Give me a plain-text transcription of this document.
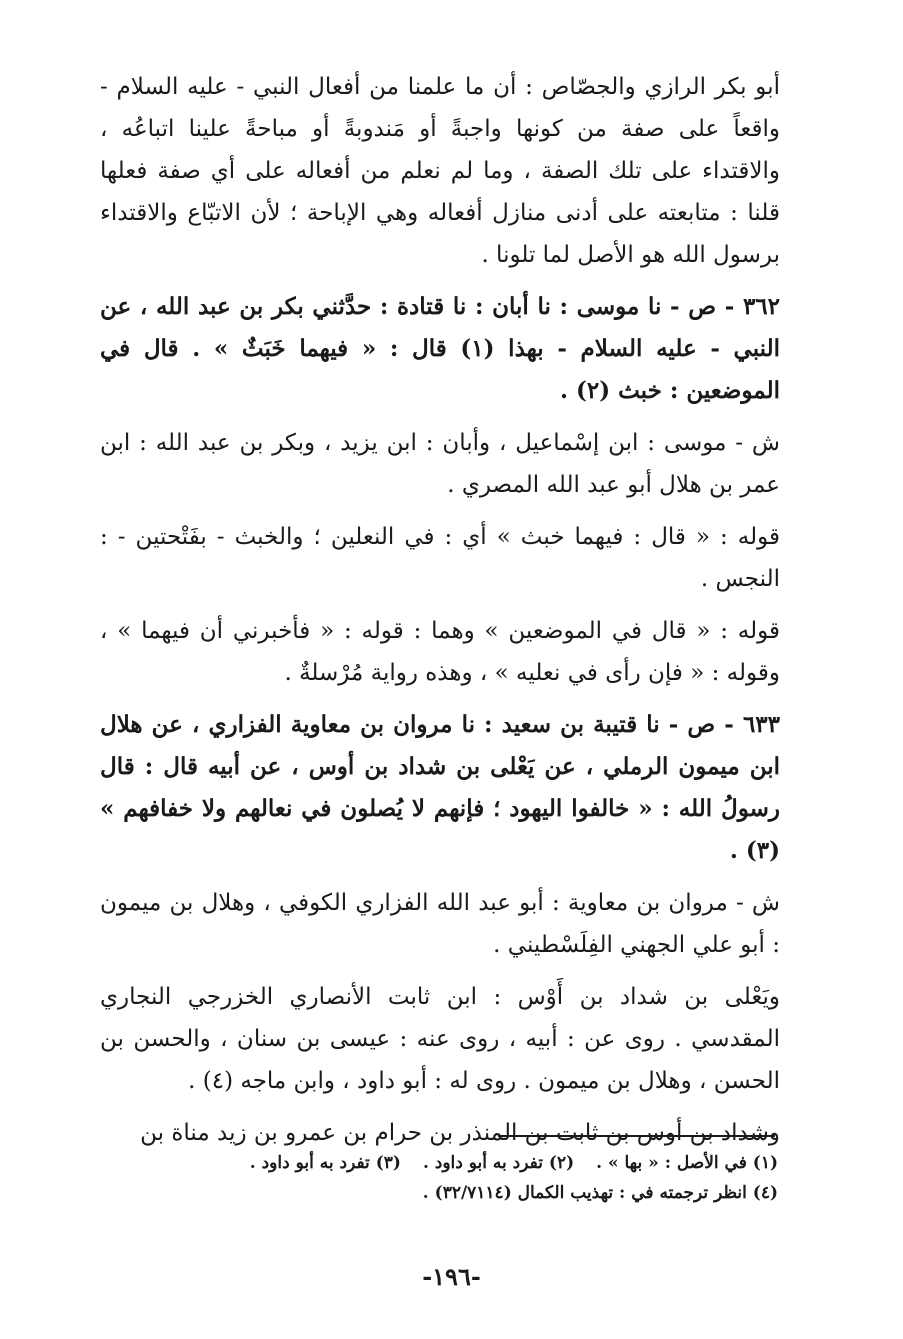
أبو بكر الرازي والجصّاص : أن ما علمنا من أفعال النبي - عليه السلام - واقعاً على صفة من كونها واجبةً أو مَندوبةً أو مباحةً علينا اتباعُه ، والاقتداء على تلك الصفة ، وما لم نعلم من أفعاله على أي صفة فعلها قلنا : متابعته على أدنى منازل أفعاله وهي الإباحة ؛ لأن الاتبّاع والاقتداء برسول الله هو الأصل لما تلونا .

٣٦٢ - ص - نا موسى : نا أبان : نا قتادة : حدَّثني بكر بن عبد الله ، عن النبي - عليه السلام - بهذا (١) قال : « فيهما خَبَثٌ » . قال في الموضعين : خبث (٢) .

ش - موسى : ابن إسْماعيل ، وأبان : ابن يزيد ، وبكر بن عبد الله : ابن عمر بن هلال أبو عبد الله المصري .

قوله : « قال : فيهما خبث » أي : في النعلين ؛ والخبث - بفَتْحتين - : النجس .

قوله : « قال في الموضعين » وهما : قوله : « فأخبرني أن فيهما » ، وقوله : « فإن رأى في نعليه » ، وهذه رواية مُرْسلةٌ .

٦٣٣ - ص - نا قتيبة بن سعيد : نا مروان بن معاوية الفزاري ، عن هلال ابن ميمون الرملي ، عن يَعْلى بن شداد بن أوس ، عن أبيه قال : قال رسولُ الله : « خالفوا اليهود ؛ فإنهم لا يُصلون في نعالهم ولا خفافهم » (٣) .

ش - مروان بن معاوية : أبو عبد الله الفزاري الكوفي ، وهلال بن ميمون : أبو علي الجهني الفِلَسْطيني .

ويَعْلى بن شداد بن أَوْس : ابن ثابت الأنصاري الخزرجي النجاري المقدسي . روى عن : أبيه ، روى عنه : عيسى بن سنان ، والحسن بن الحسن ، وهلال بن ميمون . روى له : أبو داود ، وابن ماجه (٤) .

وشداد بن أوس بن ثابت بن المنذر بن حرام بن عمرو بن زيد مناة بن

(١) في الأصل : « بها » .(٢) تفرد به أبو داود .(٣) تفرد به أبو داود .
(٤) انظر ترجمته في : تهذيب الكمال (٣٢/٧١١٤) .
-١٩٦-
